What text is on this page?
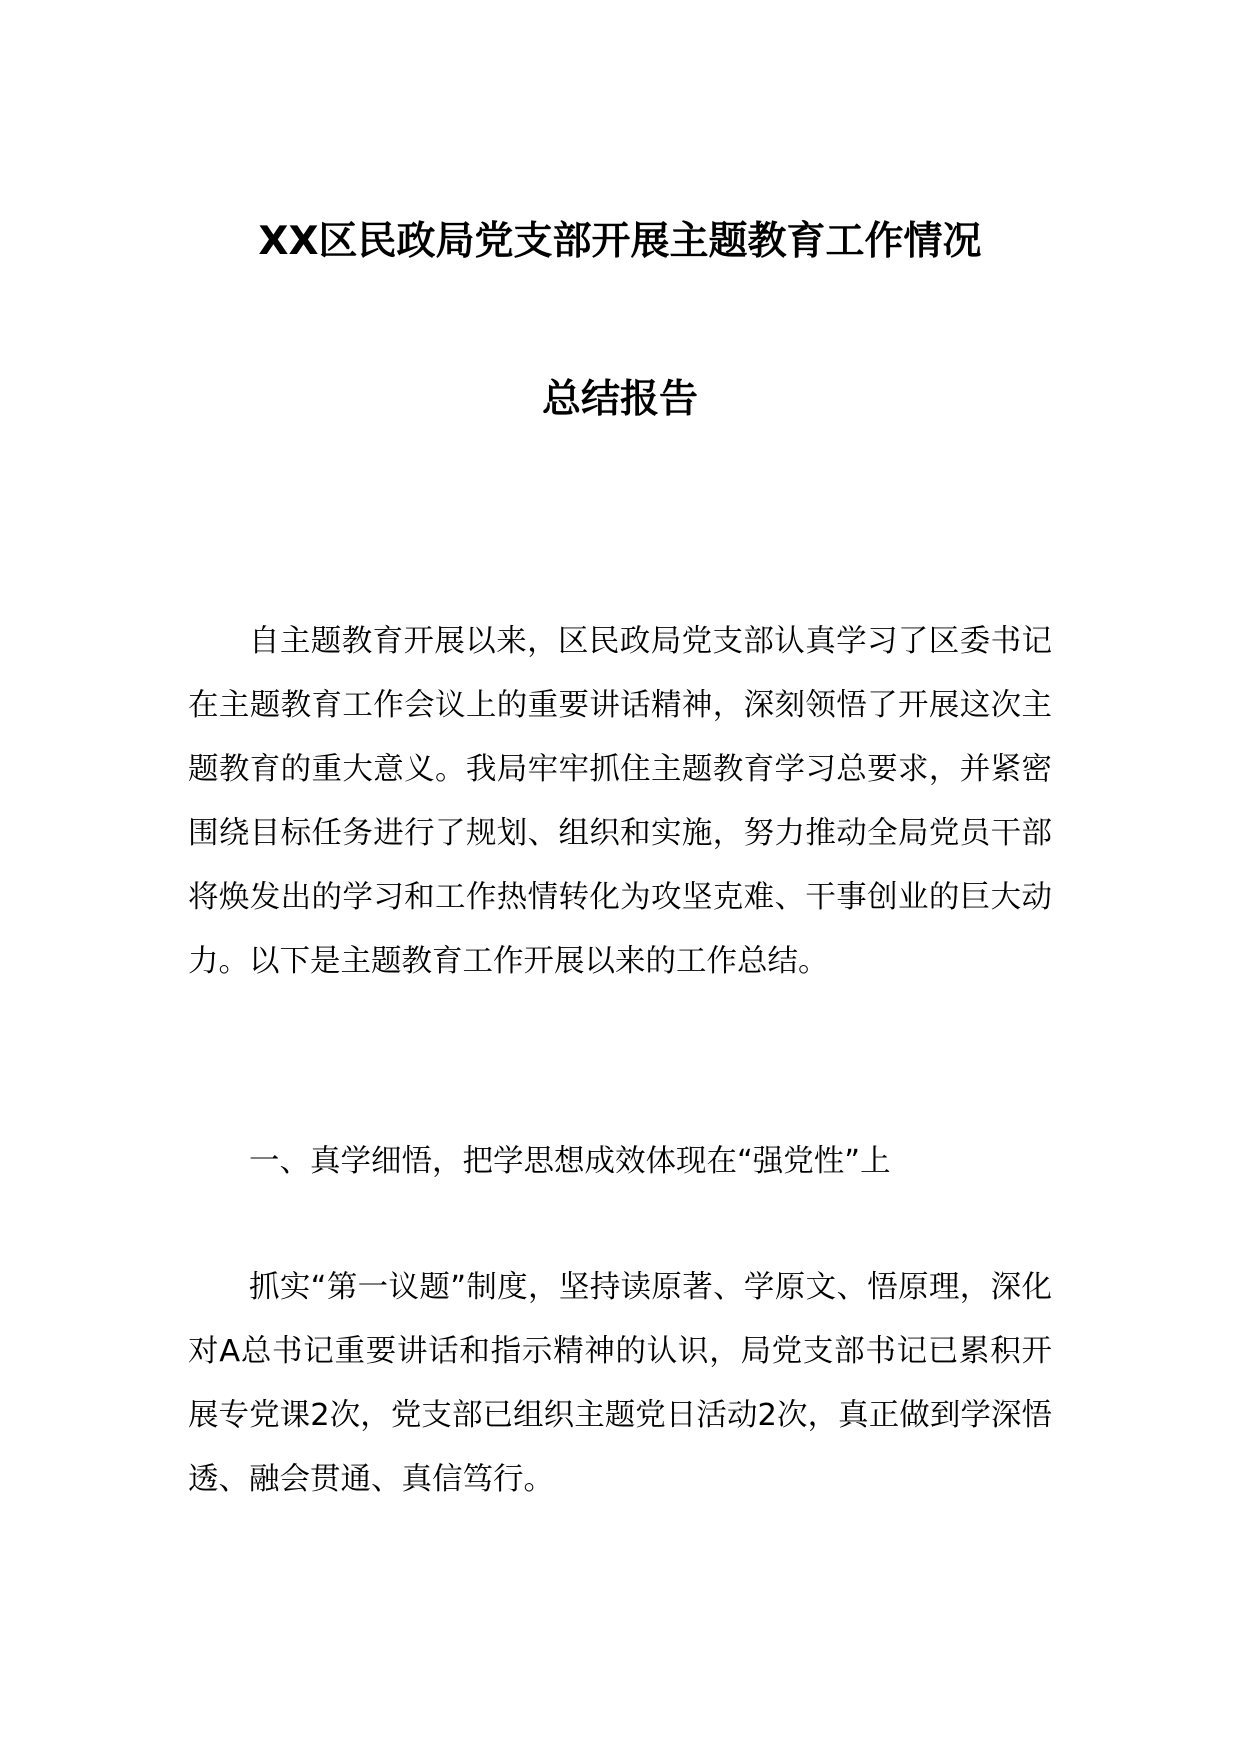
XX区民政局党支部开展主题教育工作情况
总结报告

自主题教育开展以来，区民政局党支部认真学习了区委书记在主题教育工作会议上的重要讲话精神，深刻领悟了开展这次主题教育的重大意义。我局牢牢抓住主题教育学习总要求，并紧密围绕目标任务进行了规划、组织和实施，努力推动全局党员干部将焕发出的学习和工作热情转化为攻坚克难、干事创业的巨大动力。以下是主题教育工作开展以来的工作总结。

一、真学细悟，把学思想成效体现在“强党性”上

抓实“第一议题”制度，坚持读原著、学原文、悟原理，深化对A总书记重要讲话和指示精神的认识，局党支部书记已累积开展专党课2次，党支部已组织主题党日活动2次，真正做到学深悟透、融会贯通、真信笃行。
